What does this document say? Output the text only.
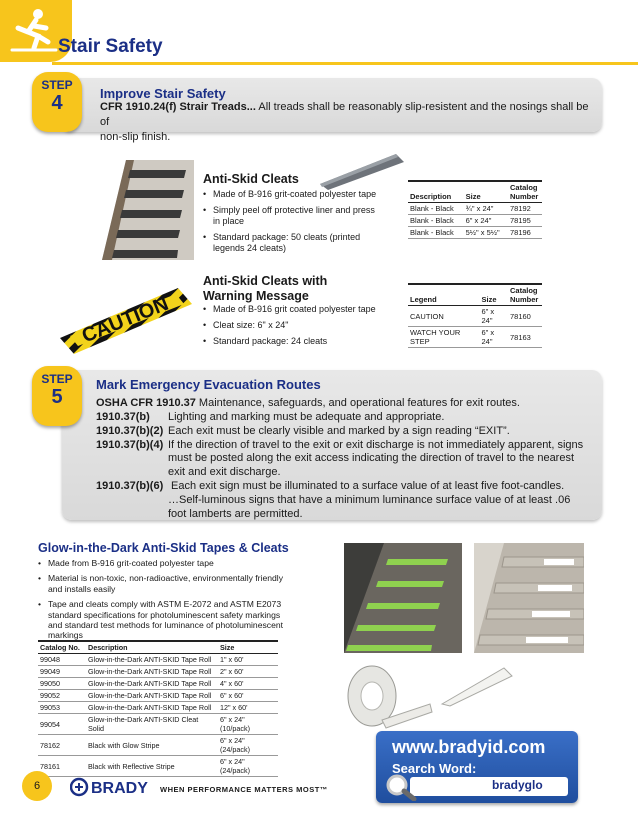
Stair Safety
STEP
4	Improve Stair Safety
CFR 1910.24(f) Strair Treads... All treads shall be reasonably slip-resistent and the nosings shall be of
non-slip finish.
Anti-Skid Cleats
• Made of B-916 grit-coated polyester tape
• Simply peel off protective liner and press in place
• Standard package: 50 cleats (printed legends 24 cleats)
Description	Size	Catalog Number
Blank - Black	¾" x 24"	78192
Blank - Black	6" x 24"	78195
Blank - Black	5½" x 5½"	78196
CAUTION
Anti-Skid Cleats with
Warning Message
• Made of B-916 grit coated polyester tape
• Cleat size: 6" x 24"
• Standard package: 24 cleats
Legend	Size	Catalog Number
CAUTION	6" x 24"	78160
WATCH YOUR STEP	6" x 24"	78163
STEP
5
Mark Emergency Evacuation Routes
OSHA CFR 1910.37 Maintenance, safeguards, and operational features for exit routes.
1910.37(b) Lighting and marking must be adequate and appropriate.
1910.37(b)(2) Each exit must be clearly visible and marked by a sign reading “EXIT”.
1910.37(b)(4) If the direction of travel to the exit or exit discharge is not immediately apparent, signs
must be posted along the exit access indicating the direction of travel to the nearest
exit and exit discharge.
1910.37(b)(6) Each exit sign must be illuminated to a surface value of at least five foot-candles.
…Self-luminous signs that have a minimum luminance surface value of at least .06
foot lamberts are permitted.
Glow-in-the-Dark Anti-Skid Tapes & Cleats
• Made from B-916 grit-coated polyester tape
• Material is non-toxic, non-radioactive, environmentally friendly and installs easily
• Tape and cleats comply with ASTM E-2072 and ASTM E2073 standard specifications for photoluminescent safety markings and standard test methods for luminance of photoluminescent markings
Catalog No.	Description	Size
99048	Glow-in-the-Dark ANTI-SKID Tape Roll	1" x 60'
99049	Glow-in-the-Dark ANTI-SKID Tape Roll	2" x 60'
99050	Glow-in-the-Dark ANTI-SKID Tape Roll	4" x 60'
99052	Glow-in-the-Dark ANTI-SKID Tape Roll	6" x 60'
99053	Glow-in-the-Dark ANTI-SKID Tape Roll	12" x 60'
99054	Glow-in-the-Dark ANTI-SKID Cleat Solid	6" x 24" (10/pack)
78162	Black with Glow Stripe	6" x 24" (24/pack)
78161	Black with Reflective Stripe	6" x 24" (24/pack)
6	BRADY WHEN PERFORMANCE MATTERS MOST™
www.bradyid.com
Search Word:
bradyglo
